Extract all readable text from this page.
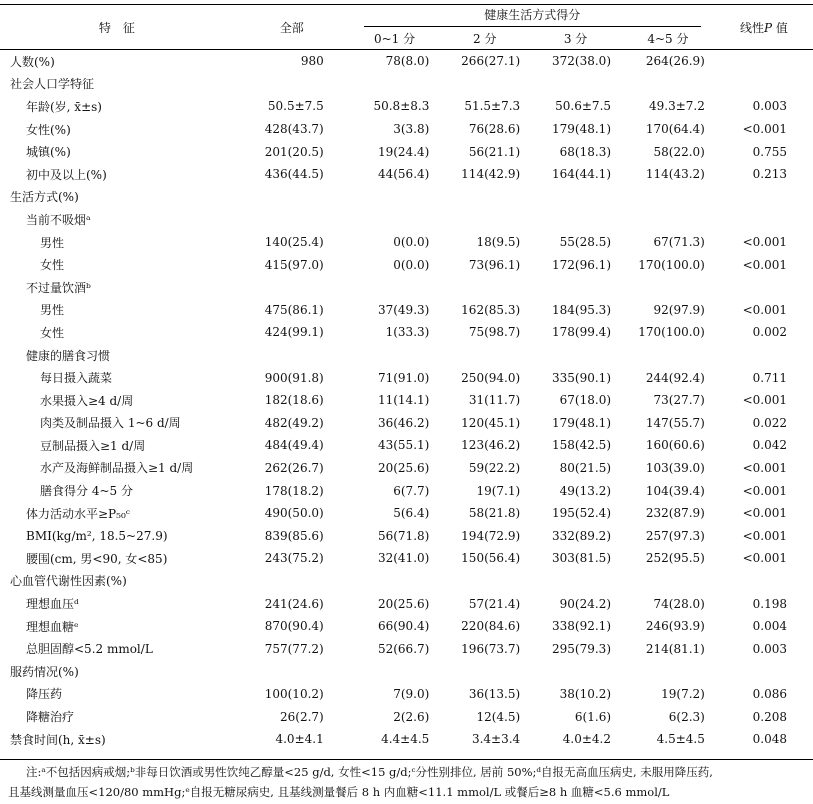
特　征	全部	健康生活方式得分				线性P 值
		0~1 分	2 分	3 分	4~5 分	
人数(%)	980	78(8.0)	266(27.1)	372(38.0)	264(26.9)	
社会人口学特征						
年龄(岁, x̄±s)	50.5±7.5	50.8±8.3	51.5±7.3	50.6±7.5	49.3±7.2	0.003
女性(%)	428(43.7)	3(3.8)	76(28.6)	179(48.1)	170(64.4)	<0.001
城镇(%)	201(20.5)	19(24.4)	56(21.1)	68(18.3)	58(22.0)	0.755
初中及以上(%)	436(44.5)	44(56.4)	114(42.9)	164(44.1)	114(43.2)	0.213
生活方式(%)						
当前不吸烟ᵃ						
男性	140(25.4)	0(0.0)	18(9.5)	55(28.5)	67(71.3)	<0.001
女性	415(97.0)	0(0.0)	73(96.1)	172(96.1)	170(100.0)	<0.001
不过量饮酒ᵇ						
男性	475(86.1)	37(49.3)	162(85.3)	184(95.3)	92(97.9)	<0.001
女性	424(99.1)	1(33.3)	75(98.7)	178(99.4)	170(100.0)	0.002
健康的膳食习惯						
每日摄入蔬菜	900(91.8)	71(91.0)	250(94.0)	335(90.1)	244(92.4)	0.711
水果摄入≥4 d/周	182(18.6)	11(14.1)	31(11.7)	67(18.0)	73(27.7)	<0.001
肉类及制品摄入 1~6 d/周	482(49.2)	36(46.2)	120(45.1)	179(48.1)	147(55.7)	0.022
豆制品摄入≥1 d/周	484(49.4)	43(55.1)	123(46.2)	158(42.5)	160(60.6)	0.042
水产及海鲜制品摄入≥1 d/周	262(26.7)	20(25.6)	59(22.2)	80(21.5)	103(39.0)	<0.001
膳食得分 4~5 分	178(18.2)	6(7.7)	19(7.1)	49(13.2)	104(39.4)	<0.001
体力活动水平≥P₅₀ᶜ	490(50.0)	5(6.4)	58(21.8)	195(52.4)	232(87.9)	<0.001
BMI(kg/m², 18.5~27.9)	839(85.6)	56(71.8)	194(72.9)	332(89.2)	257(97.3)	<0.001
腰围(cm, 男<90, 女<85)	243(75.2)	32(41.0)	150(56.4)	303(81.5)	252(95.5)	<0.001
心血管代谢性因素(%)						
理想血压ᵈ	241(24.6)	20(25.6)	57(21.4)	90(24.2)	74(28.0)	0.198
理想血糖ᵉ	870(90.4)	66(90.4)	220(84.6)	338(92.1)	246(93.9)	0.004
总胆固醇<5.2 mmol/L	757(77.2)	52(66.7)	196(73.7)	295(79.3)	214(81.1)	0.003
服药情况(%)						
降压药	100(10.2)	7(9.0)	36(13.5)	38(10.2)	19(7.2)	0.086
降糖治疗	26(2.7)	2(2.6)	12(4.5)	6(1.6)	6(2.3)	0.208
禁食时间(h, x̄±s)	4.0±4.1	4.4±4.5	3.4±3.4	4.0±4.2	4.5±4.5	0.048
注:ᵃ不包括因病戒烟;ᵇ非每日饮酒或男性饮纯乙醇量<25 g/d, 女性<15 g/d;ᶜ分性别排位, 居前 50%;ᵈ自报无高血压病史, 未服用降压药,
且基线测量血压<120/80 mmHg;ᵉ自报无糖尿病史, 且基线测量餐后 8 h 内血糖<11.1 mmol/L 或餐后≥8 h 血糖<5.6 mmol/L
